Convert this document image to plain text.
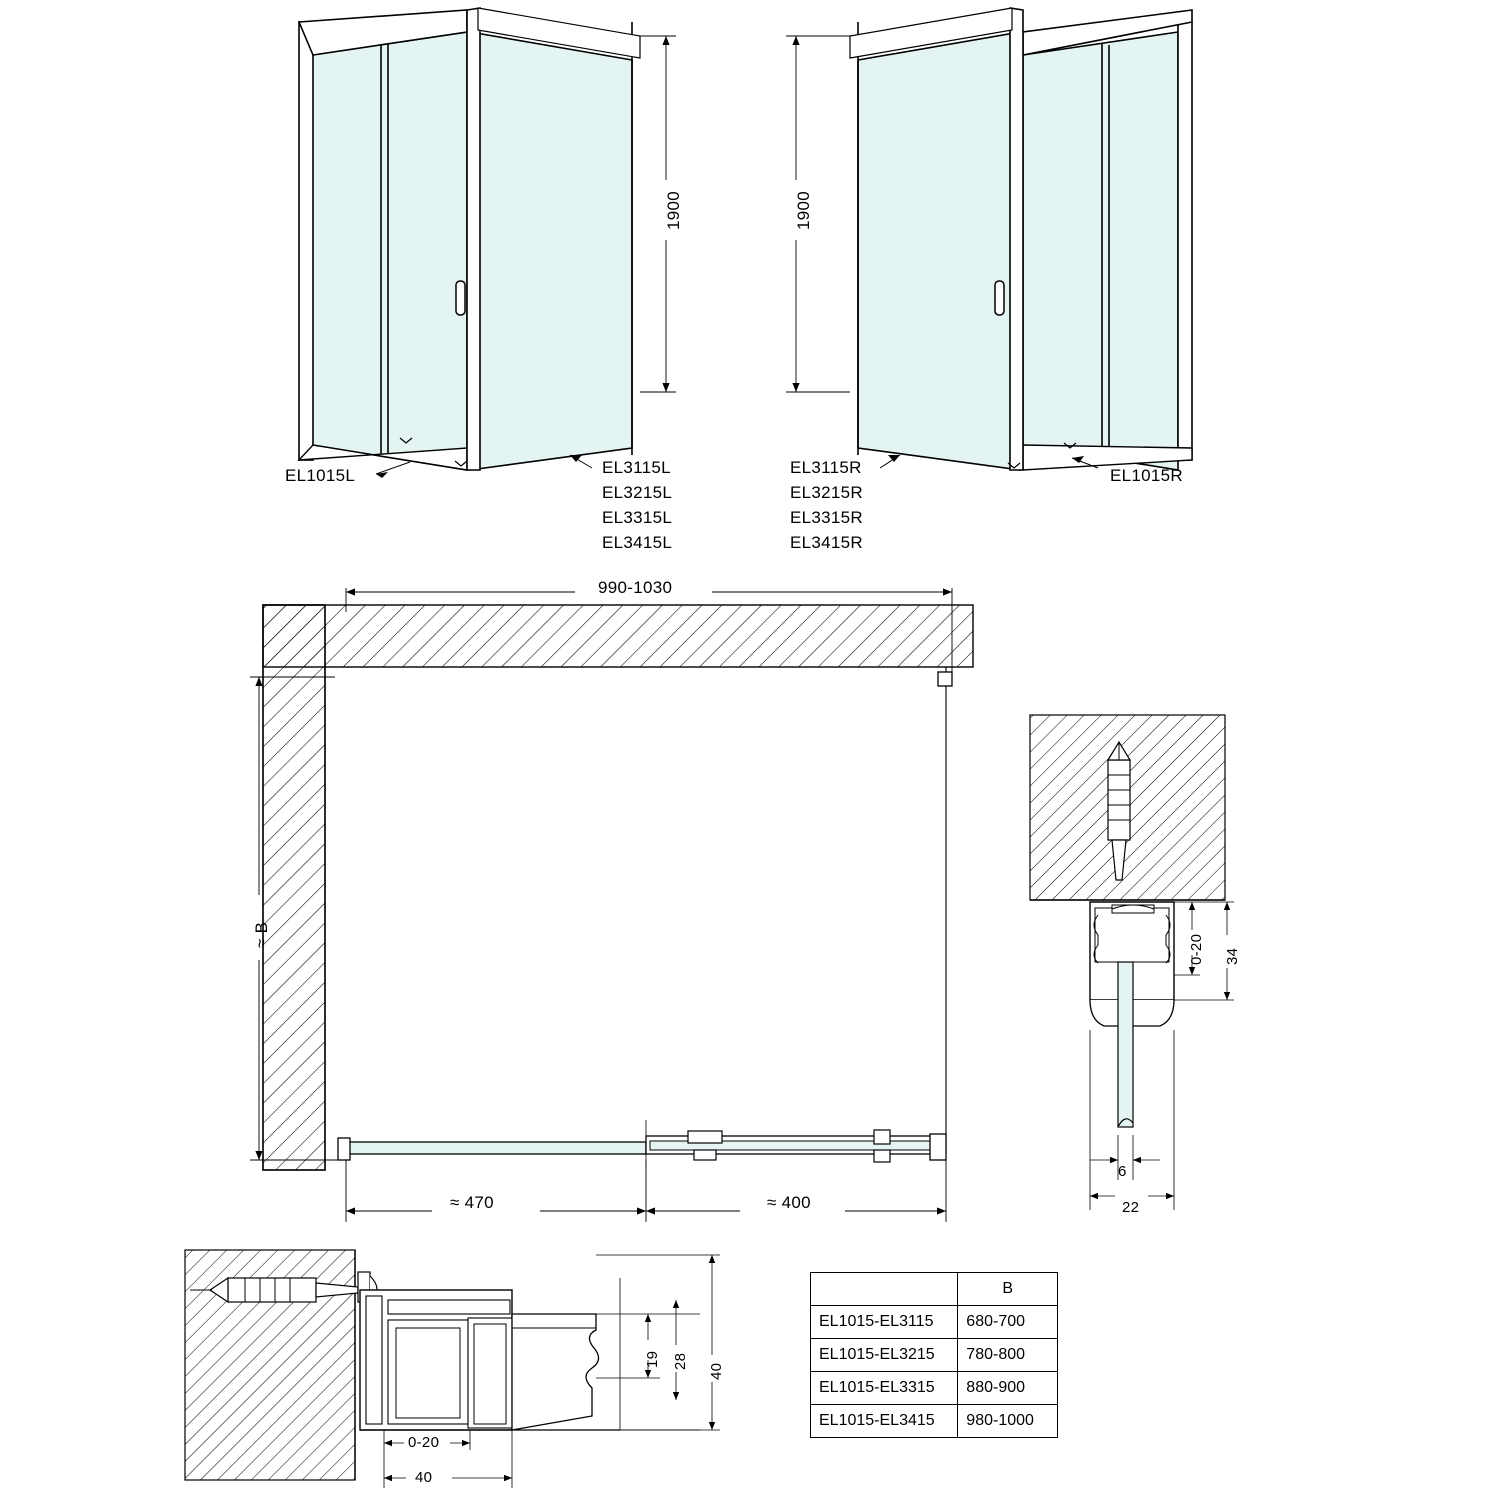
EL1015L	EL3115L
EL3215L
EL3315L
EL3415L
EL3115R
EL3215R
EL3315R
EL3415R
EL1015R
1900	1900
990-1030
≈ B
≈ 470	≈ 400
0-20 34
6
22
19 28
40
0-20
40
	B
EL1015-EL3115	680-700
EL1015-EL3215	780-800
EL1015-EL3315	880-900
EL1015-EL3415	980-1000
